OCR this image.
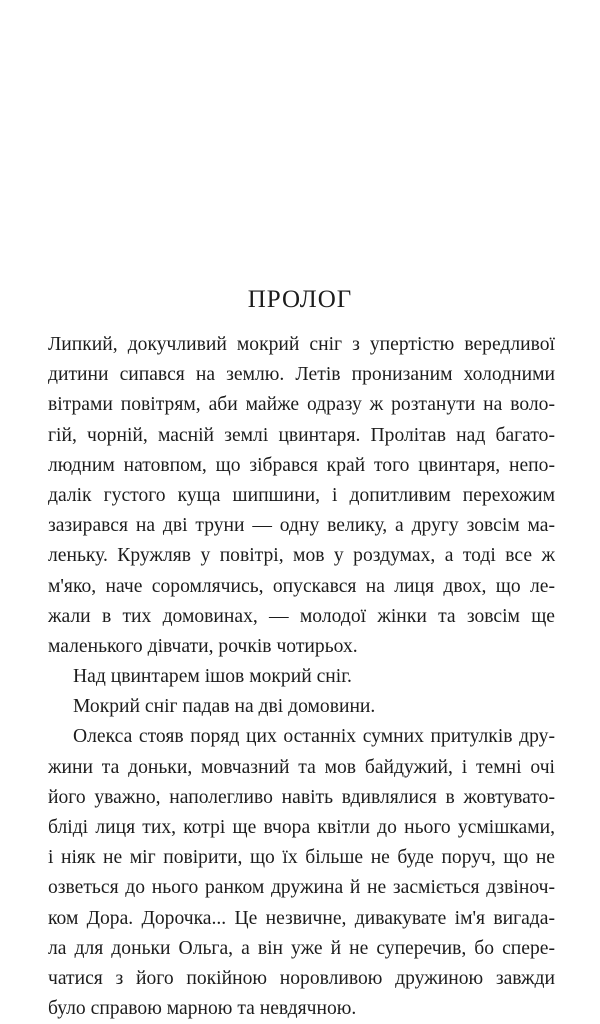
ПРОЛОГ
Липкий, докучливий мокрий сніг з упертістю вередливої
дитини сипався на землю. Летів пронизаним холодними
вітрами повітрям, аби майже одразу ж розтанути на воло-
гій, чорній, масній землі цвинтаря. Пролітав над багато-
людним натовпом, що зібрався край того цвинтаря, непо-
далік густого куща шипшини, і допитливим перехожим
зазирався на дві труни — одну велику, а другу зовсім ма-
леньку. Кружляв у повітрі, мов у роздумах, а тоді все ж
м'яко, наче соромлячись, опускався на лиця двох, що ле-
жали в тих домовинах, — молодої жінки та зовсім ще
маленького дівчати, рочків чотирьох.
Над цвинтарем ішов мокрий сніг.
Мокрий сніг падав на дві домовини.
Олекса стояв поряд цих останніх сумних притулків дру-
жини та доньки, мовчазний та мов байдужий, і темні очі
його уважно, наполегливо навіть вдивлялися в жовтувато-
блідi лиця тих, котрі ще вчора квітли до нього усмішками,
і ніяк не міг повірити, що їх більше не буде поруч, що не
озветься до нього ранком дружина й не засміється дзвіноч-
ком Дора. Дорочка... Це незвичне, дивакувате ім'я вигада-
ла для доньки Ольга, а він уже й не суперечив, бо спере-
чатися з його покійною норовливою дружиною завжди
було справою марною та невдячною.
